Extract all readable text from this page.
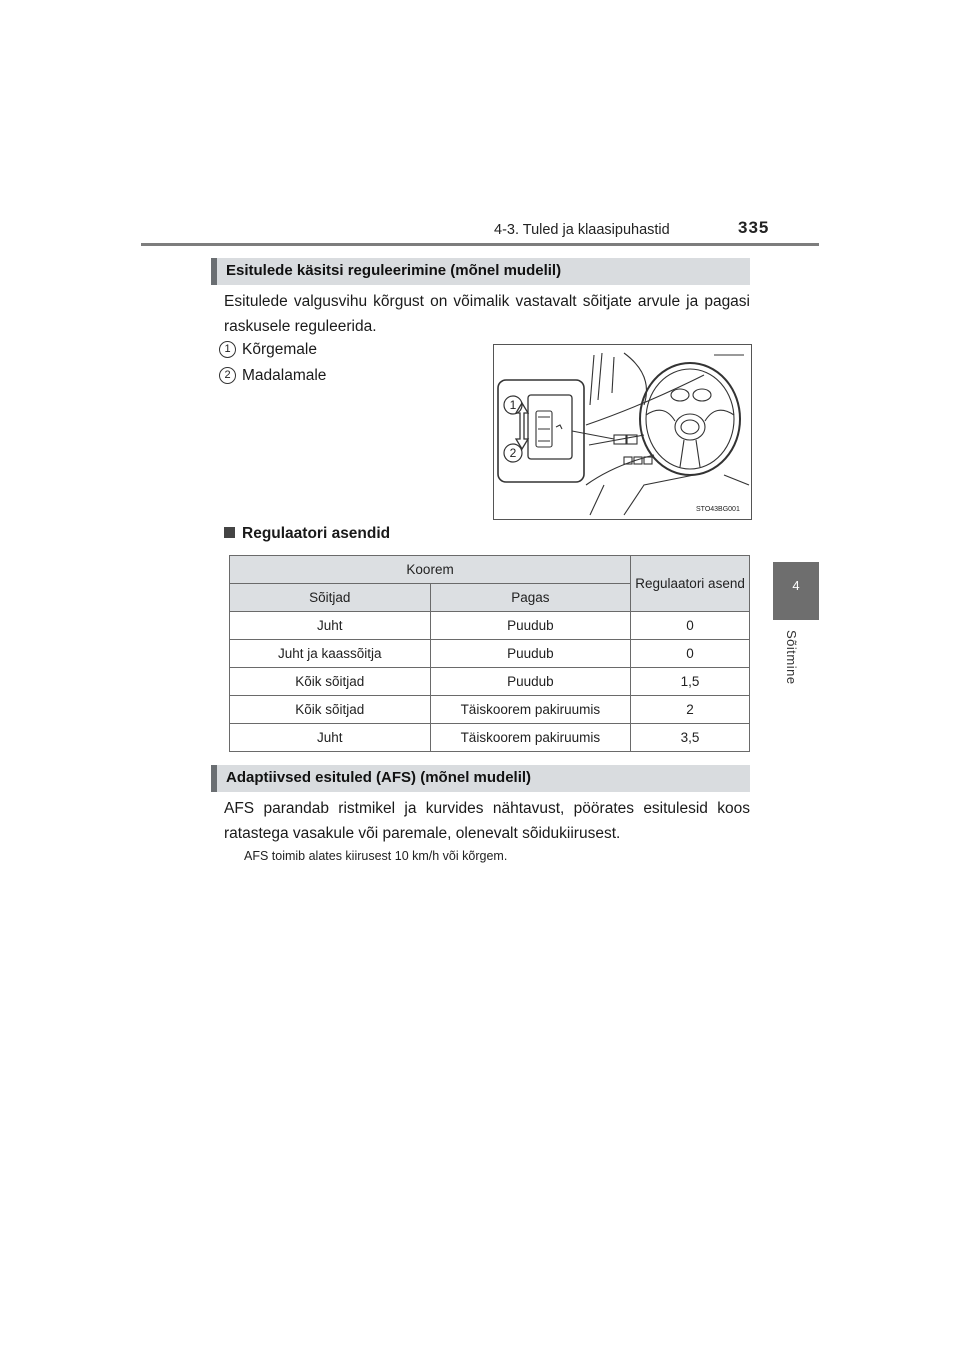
4-3. Tuled ja klaasipuhastid	335
4
Sõitmine
Esitulede käsitsi reguleerimine (mõnel mudelil)
Esitulede valgusvihu kõrgust on võimalik vastavalt sõitjate arvule ja pagasi raskusele reguleerida.
1 Kõrgemale
2 Madalamale
1
2
STO43BG001
Regulaatori asendid
Koorem		Regulaatori asend
Sõitjad	Pagas	
Juht	Puudub	0
Juht ja kaassõitja	Puudub	0
Kõik sõitjad	Puudub	1,5
Kõik sõitjad	Täiskoorem pakiruumis	2
Juht	Täiskoorem pakiruumis	3,5
Adaptiivsed esituled (AFS) (mõnel mudelil)
AFS parandab ristmikel ja kurvides nähtavust, pöörates esitulesid koos ratastega vasakule või paremale, olenevalt sõidukiirusest.
AFS toimib alates kiirusest 10 km/h või kõrgem.
